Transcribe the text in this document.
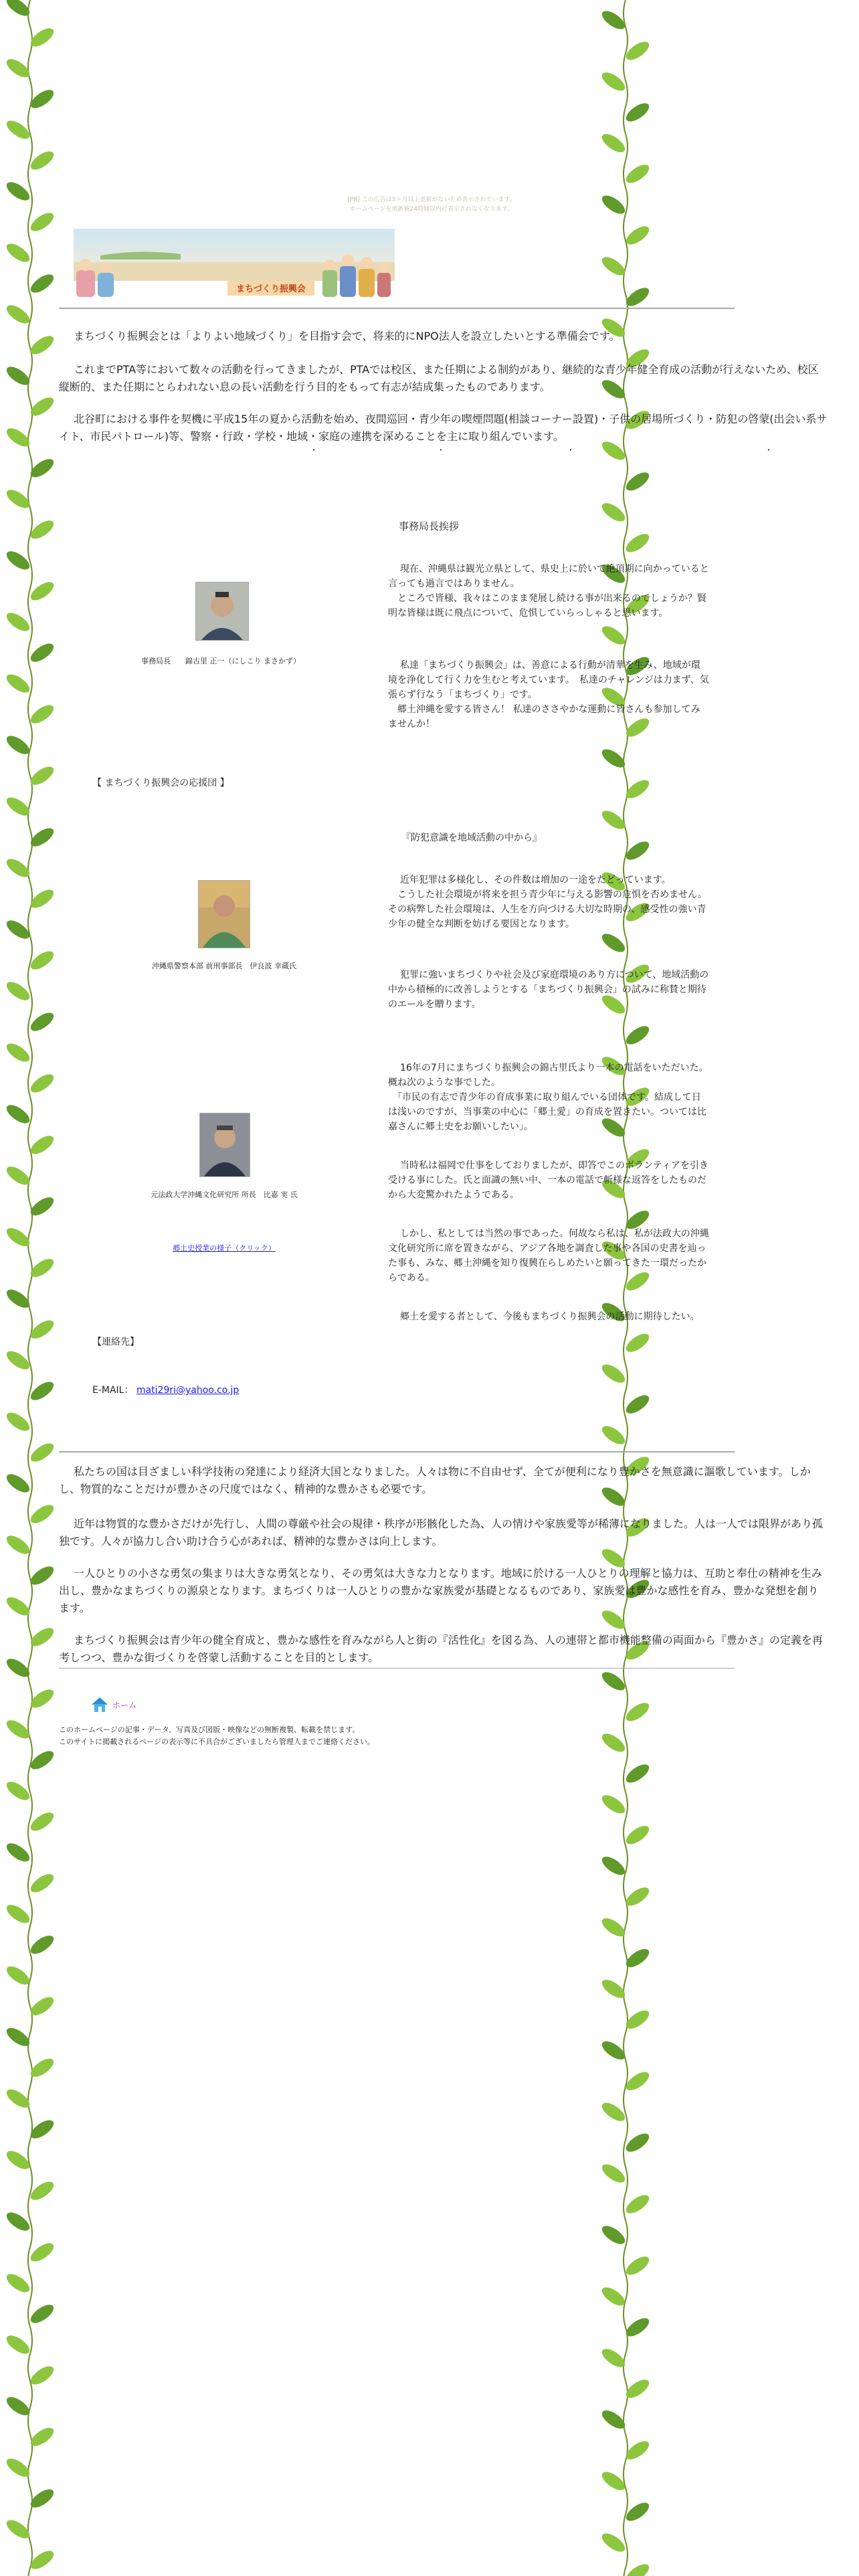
[PR] この広告は3ヶ月以上更新がないため表示されています。
ホームページを更新後24時間以内に表示されなくなります。
まちづくり振興会

まちづくり振興会とは「よりよい地域づくり」を目指す会で、将来的にNPO法人を設立したいとする準備会です。

これまでPTA等において数々の活動を行ってきましたが、PTAでは校区、また任期による制約があり、継続的な青少年健全育成の活動が行えないため、校区縦断的、また任期にとらわれない息の長い活動を行う目的をもって有志が結成集ったものであります。

北谷町における事件を契機に平成15年の夏から活動を始め、夜間巡回・青少年の喫煙問題(相談コーナー設置)・子供の居場所づくり・防犯の啓蒙(出会い系サイト、市民パトロール)等、警察・行政・学校・地域・家庭の連携を深めることを主に取り組んでいます。

・	・	・	・
事務局長　　錦古里 正一（にしこり まさかず）
事務局長挨拶

現在、沖縄県は観光立県として、県史上に於いて絶頂期に向かっていると言っても過言ではありません。
　ところで皆様、我々はこのまま発展し続ける事が出来るのでしょうか？賢明な皆様は既に飛点について、危惧していらっしゃると思います。

私達「まちづくり振興会」は、善意による行動が清華を生み、地域が環境を浄化して行く力を生むと考えています。　私達のチャレンジは力まず、気張らず行なう「まちづくり」です。
　郷土沖縄を愛する皆さん！ 私達のささやかな運動に皆さんも参加してみませんか！

【 まちづくり振興会の応援団 】
沖縄県警察本部 前刑事部長　伊良波 幸蔵氏
『防犯意識を地域活動の中から』

近年犯罪は多様化し、その件数は増加の一途をたどっています。
　こうした社会環境が将来を担う青少年に与える影響の危惧を否めません。その病弊した社会環境は、人生を方向づける大切な時期の、感受性の強い青少年の健全な判断を妨げる要因となります。

犯罪に強いまちづくりや社会及び家庭環境のあり方について、地域活動の中から積極的に改善しようとする「まちづくり振興会」の試みに称賛と期待のエールを贈ります。

元法政大学沖縄文化研究所 所長　比嘉 実 氏
郷土史授業の様子（クリック）

16年の7月にまちづくり振興会の錦古里氏より一本の電話をいただいた。概ね次のような事でした。
　「市民の有志で青少年の育成事業に取り組んでいる団体です。結成して日は浅いのですが、当事業の中心に「郷土愛」の育成を置きたい。ついては比嘉さんに郷土史をお願いしたい」。

当時私は福岡で仕事をしておりましたが、即答でこのボランティアを引き受ける事にした。氏と面識の無い中、一本の電話で斬様な返答をしたものだから大変驚かれたようである。

しかし、私としては当然の事であった。何故なら私は、私が法政大の沖縄文化研究所に席を置きながら、アジア各地を調査した事や各国の史書を辿った事も、みな、郷土沖縄を知り復興在らしめたいと願ってきた一環だったからである。

郷土を愛する者として、今後もまちづくり振興会の活動に期待したい。

【連絡先】
E-MAIL： mati29ri@yahoo.co.jp

私たちの国は目ざましい科学技術の発達により経済大国となりました。人々は物に不自由せず、全てが便利になり豊かさを無意識に謳歌しています。しかし、物質的なことだけが豊かさの尺度ではなく、精神的な豊かさも必要です。

近年は物質的な豊かさだけが先行し、人間の尊厳や社会の規律・秩序が形骸化した為、人の情けや家族愛等が稀薄になりました。人は一人では限界があり孤独です。人々が協力し合い助け合う心があれば、精神的な豊かさは向上します。

一人ひとりの小さな勇気の集まりは大きな勇気となり、その勇気は大きな力となります。地域に於ける一人ひとりの理解と協力は、互助と奉仕の精神を生み出し、豊かなまちづくりの源泉となります。まちづくりは一人ひとりの豊かな家族愛が基礎となるものであり、家族愛は豊かな感性を育み、豊かな発想を創ります。

まちづくり振興会は青少年の健全育成と、豊かな感性を育みながら人と街の『活性化』を図る為、人の連帯と都市機能整備の両面から『豊かさ』の定義を再考しつつ、豊かな街づくりを啓蒙し活動することを目的とします。

ホーム
このホームページの記事・データ、写真及び図版・映像などの無断複製、転載を禁じます。
このサイトに掲載されるページの表示等に不具合がございましたら管理人までご連絡ください。
